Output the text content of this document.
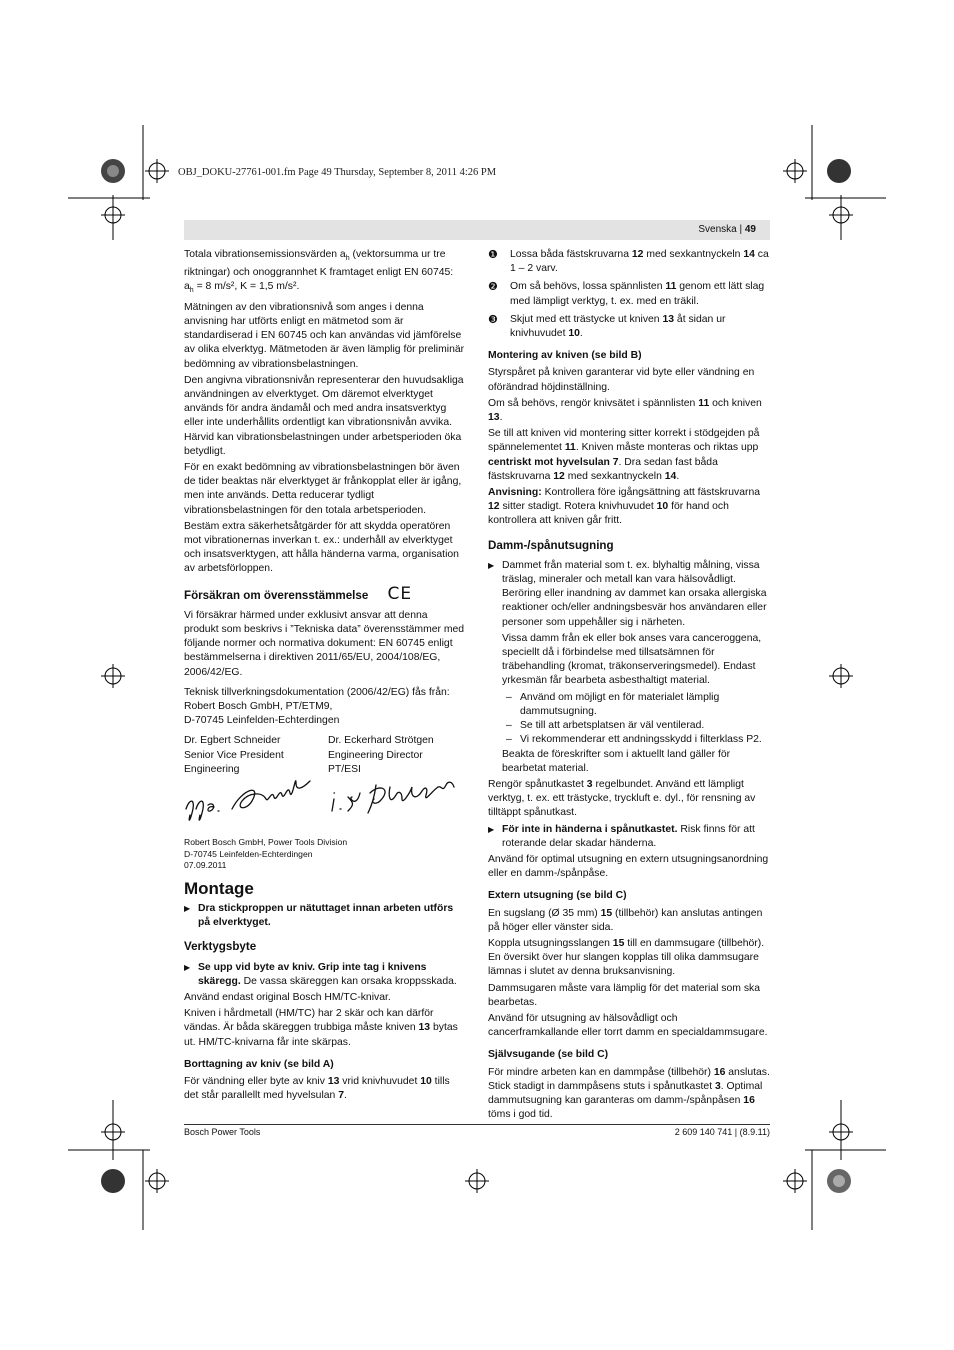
OBJ_DOKU-27761-001.fm Page 49 Thursday, September 8, 2011 4:26 PM
Svenska | 49

Totala vibrationsemissionsvärden $a_h$ (vektorsumma ur tre riktningar) och onoggrannhet K framtaget enligt EN 60745: $a_h = 8$ m/s², K = 1,5 m/s².

Mätningen av den vibrationsnivå som anges i denna anvisning har utförts enligt en mätmetod som är standardiserad i EN 60745 och kan användas vid jämförelse av olika elverktyg. Mätmetoden är även lämplig för preliminär bedömning av vibrationsbelastningen.

Den angivna vibrationsnivån representerar den huvudsakliga användningen av elverktyget. Om däremot elverktyget används för andra ändamål och med andra insatsverktyg eller inte underhållits ordentligt kan vibrationsnivån avvika. Härvid kan vibrationsbelastningen under arbetsperioden öka betydligt.

För en exakt bedömning av vibrationsbelastningen bör även de tider beaktas när elverktyget är frånkopplat eller är igång, men inte används. Detta reducerar tydligt vibrationsbelastningen för den totala arbetsperioden.

Bestäm extra säkerhetsåtgärder för att skydda operatören mot vibrationernas inverkan t. ex.: underhåll av elverktyget och insatsverktygen, att hålla händerna varma, organisation av arbetsförloppen.

Försäkran om överensstämmelse CE

Vi försäkrar härmed under exklusivt ansvar att denna produkt som beskrivs i ”Tekniska data” överensstämmer med följande normer och normativa dokument: EN 60745 enligt bestämmelserna i direktiven 2011/65/EU, 2004/108/EG, 2006/42/EG.

Teknisk tillverkningsdokumentation (2006/42/EG) fås från:

Robert Bosch GmbH, PT/ETM9,

D-70745 Leinfelden-Echterdingen

Dr. Egbert Schneider
Senior Vice President
Engineering
Dr. Eckerhard Strötgen
Engineering Director
PT/ESI
Robert Bosch GmbH, Power Tools Division
D-70745 Leinfelden-Echterdingen
07.09.2011
Montage

▶ Dra stickproppen ur nätuttaget innan arbeten utförs på elverktyget.

Verktygsbyte

▶ Se upp vid byte av kniv. Grip inte tag i knivens skäregg. De vassa skäreggen kan orsaka kroppsskada.

Använd endast original Bosch HM/TC-knivar.

Kniven i hårdmetall (HM/TC) har 2 skär och kan därför vändas. Är båda skäreggen trubbiga måste kniven 13 bytas ut. HM/TC-knivarna får inte skärpas.

Borttagning av kniv (se bild A)

För vändning eller byte av kniv 13 vrid knivhuvudet 10 tills det står parallellt med hyvelsulan 7.

❶ Lossa båda fästskruvarna 12 med sexkantnyckeln 14 ca 1 – 2 varv.

❷ Om så behövs, lossa spännlisten 11 genom ett lätt slag med lämpligt verktyg, t. ex. med en träkil.

❸ Skjut med ett trästycke ut kniven 13 åt sidan ur knivhuvudet 10.

Montering av kniven (se bild B)

Styrspåret på kniven garanterar vid byte eller vändning en oförändrad höjdinställning.

Om så behövs, rengör knivsätet i spännlisten 11 och kniven 13.

Se till att kniven vid montering sitter korrekt i stödgejden på spännelementet 11. Kniven måste monteras och riktas upp centriskt mot hyvelsulan 7. Dra sedan fast båda fästskruvarna 12 med sexkantnyckeln 14.

Anvisning: Kontrollera före igångsättning att fästskruvarna 12 sitter stadigt. Rotera knivhuvudet 10 för hand och kontrollera att kniven går fritt.

Damm-/spånutsugning

▶ Dammet från material som t. ex. blyhaltig målning, vissa träslag, mineraler och metall kan vara hälsovådligt. Beröring eller inandning av dammet kan orsaka allergiska reaktioner och/eller andningsbesvär hos användaren eller personer som uppehåller sig i närheten.

Vissa damm från ek eller bok anses vara canceroggena, speciellt då i förbindelse med tillsatsämnen för träbehandling (kromat, träkonserveringsmedel). Endast yrkesmän får bearbeta asbesthaltigt material.

– Använd om möjligt en för materialet lämplig dammutsugning.

– Se till att arbetsplatsen är väl ventilerad.

– Vi rekommenderar ett andningsskydd i filterklass P2.

Beakta de föreskrifter som i aktuellt land gäller för bearbetat material.

Rengör spånutkastet 3 regelbundet. Använd ett lämpligt verktyg, t. ex. ett trästycke, tryckluft e. dyl., för rensning av tilltäppt spånutkast.

▶ För inte in händerna i spånutkastet. Risk finns för att roterande delar skadar händerna.

Använd för optimal utsugning en extern utsugningsanordning eller en damm-/spånpåse.

Extern utsugning (se bild C)

En sugslang (Ø 35 mm) 15 (tillbehör) kan anslutas antingen på höger eller vänster sida.

Koppla utsugningsslangen 15 till en dammsugare (tillbehör). En översikt över hur slangen kopplas till olika dammsugare lämnas i slutet av denna bruksanvisning.

Dammsugaren måste vara lämplig för det material som ska bearbetas.

Använd för utsugning av hälsovådligt och cancerframkallande eller torrt damm en specialdammsugare.

Självsugande (se bild C)

För mindre arbeten kan en dammpåse (tillbehör) 16 anslutas. Stick stadigt in dammpåsens stuts i spånutkastet 3. Optimal dammutsugning kan garanteras om damm-/spånpåsen 16 töms i god tid.

Bosch Power Tools	2 609 140 741 | (8.9.11)
